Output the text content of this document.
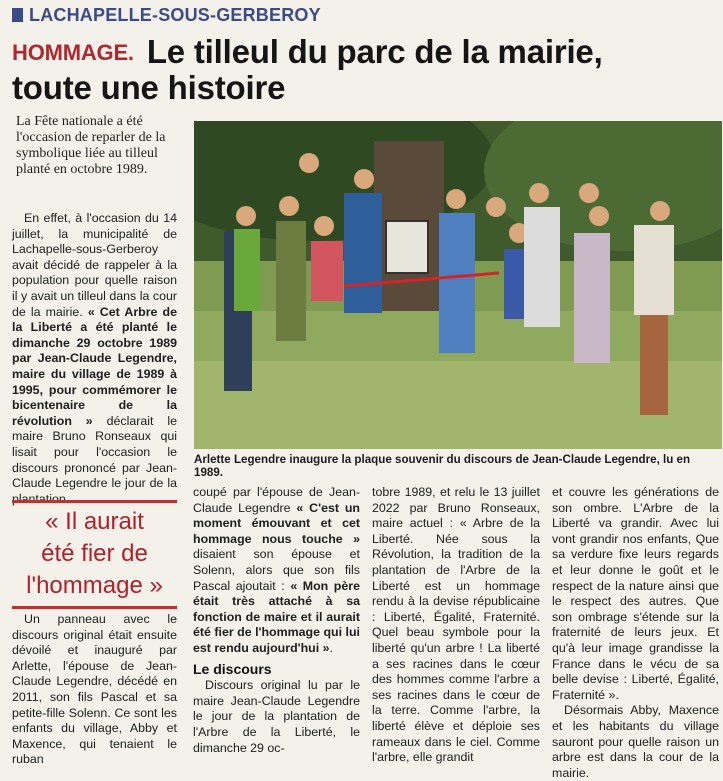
LACHAPELLE-SOUS-GERBEROY
HOMMAGE. Le tilleul du parc de la mairie,
toute une histoire
La Fête nationale a été l'occasion de reparler de la symbolique liée au tilleul planté en octobre 1989.

En effet, à l'occasion du 14 juillet, la municipalité de Lachapelle-sous-Gerberoy avait décidé de rappeler à la population pour quelle raison il y avait un tilleul dans la cour de la mairie. « Cet Arbre de la Liberté a été planté le dimanche 29 octobre 1989 par Jean-Claude Legendre, maire du village de 1989 à 1995, pour commémorer le bicentenaire de la révolution » déclarait le maire Bruno Ronseaux qui lisait pour l'occasion le discours prononcé par Jean-Claude Legendre le jour de la plantation.

Arlette Legendre inaugure la plaque souvenir du discours de Jean-Claude Legendre, lu en 1989.
« Il aurait
été fier de
l'hommage »

Un panneau avec le discours original était ensuite dévoilé et inauguré par Arlette, l'épouse de Jean-Claude Legendre, décédé en 2011, son fils Pascal et sa petite-fille Solenn. Ce sont les enfants du village, Abby et Maxence, qui tenaient le ruban

coupé par l'épouse de Jean-Claude Legendre « C'est un moment émouvant et cet hommage nous touche » disaient son épouse et Solenn, alors que son fils Pascal ajoutait : « Mon père était très attaché à sa fonction de maire et il aurait été fier de l'hommage qui lui est rendu aujourd'hui ».

Le discours

Discours original lu par le maire Jean-Claude Legendre le jour de la plantation de l'Arbre de la Liberté, le dimanche 29 oc-

tobre 1989, et relu le 13 juillet 2022 par Bruno Ronseaux, maire actuel : « Arbre de la Liberté. Née sous la Révolution, la tradition de la plantation de l'Arbre de la Liberté est un hommage rendu à la devise républicaine : Liberté, Égalité, Fraternité. Quel beau symbole pour la liberté qu'un arbre ! La liberté a ses racines dans le cœur des hommes comme l'arbre a ses racines dans le cœur de la terre. Comme l'arbre, la liberté élève et déploie ses rameaux dans le ciel. Comme l'arbre, elle grandit

et couvre les générations de son ombre. L'Arbre de la Liberté va grandir. Avec lui vont grandir nos enfants, Que sa verdure fixe leurs regards et leur donne le goût et le respect de la nature ainsi que le respect des autres. Que son ombrage s'étende sur la fraternité de leurs jeux. Et qu'à leur image grandisse la France dans le vécu de sa belle devise : Liberté, Égalité, Fraternité ».

Désormais Abby, Maxence et les habitants du village sauront pour quelle raison un arbre est dans la cour de la mairie.
